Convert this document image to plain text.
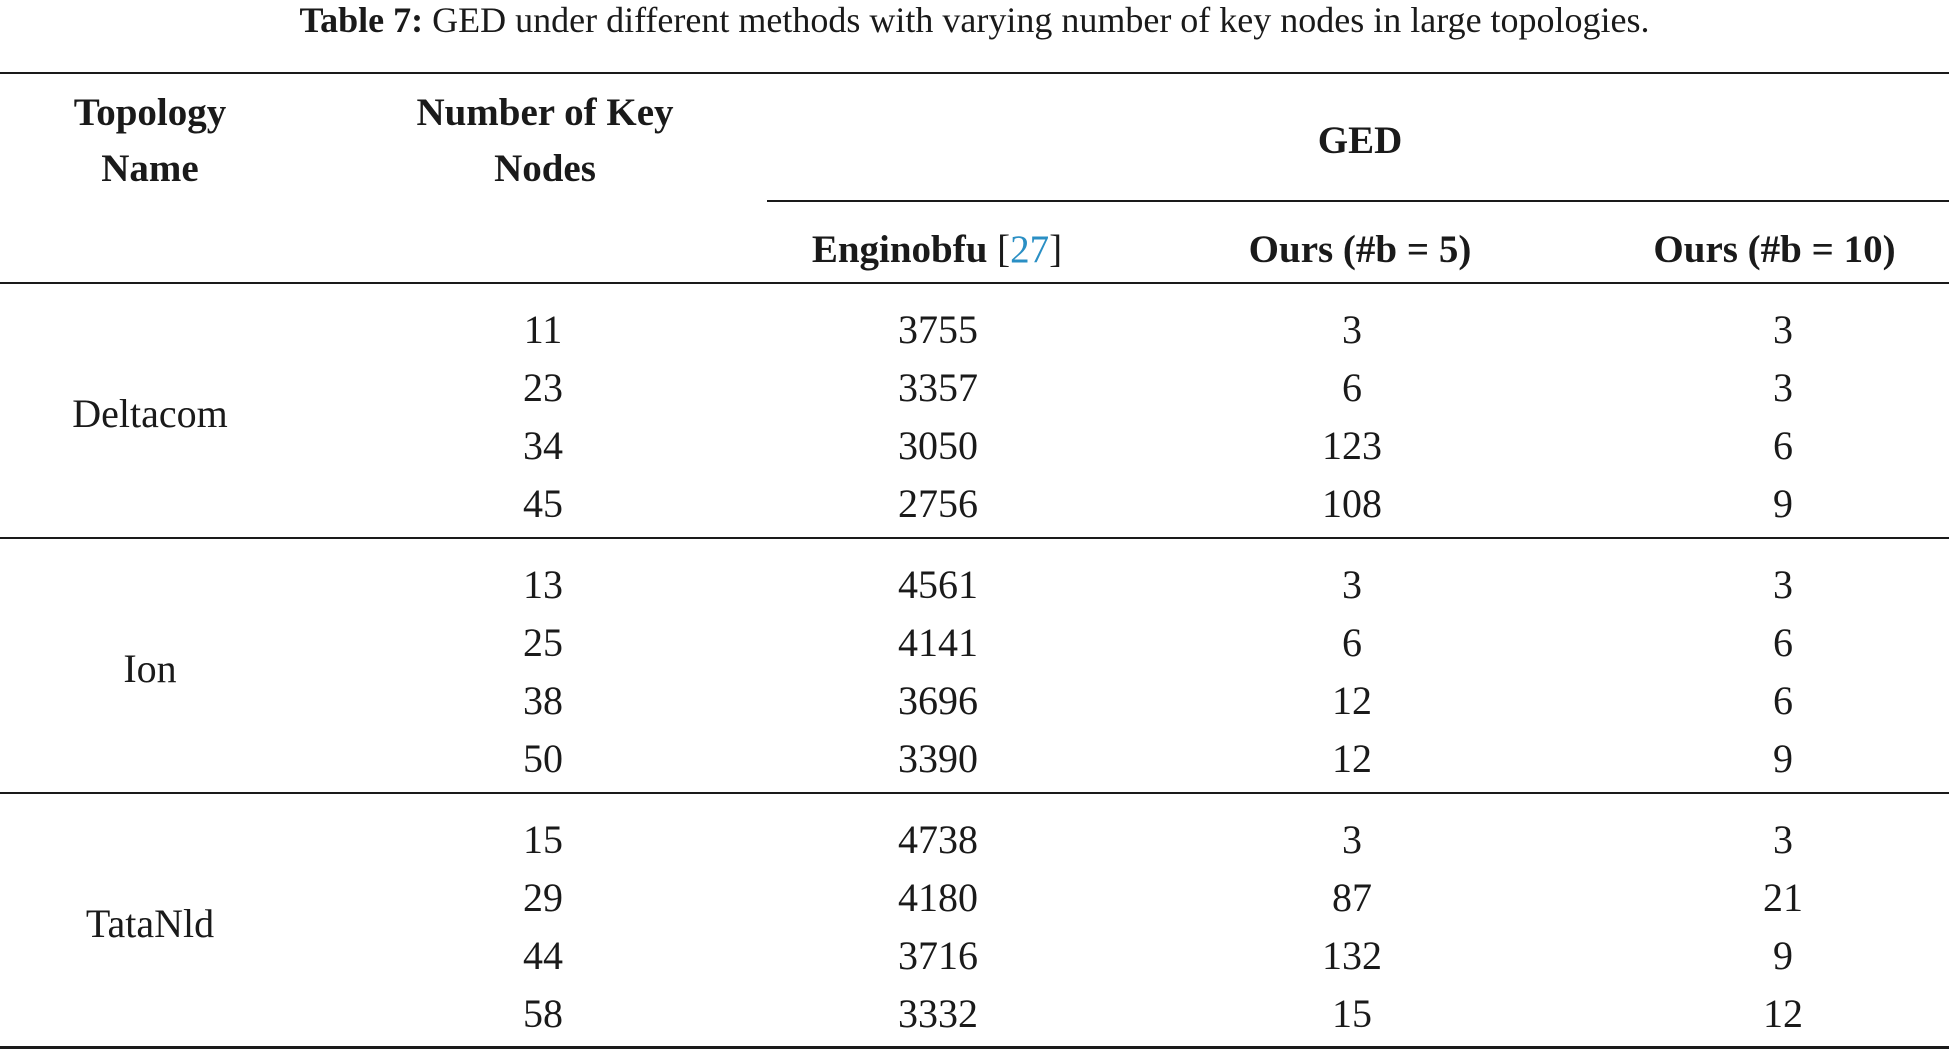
Table 7: GED under different methods with varying number of key nodes in large topologies.
Topology
Name
Number of Key
Nodes
GED
Enginobfu [27]	Ours (#b = 5)	Ours (#b = 10)
Deltacom
11	3755	3	3
23	3357	6	3
34	3050	123	6
45	2756	108	9
Ion
13	4561	3	3
25	4141	6	6
38	3696	12	6
50	3390	12	9
TataNld
15	4738	3	3
29	4180	87	21
44	3716	132	9
58	3332	15	12
